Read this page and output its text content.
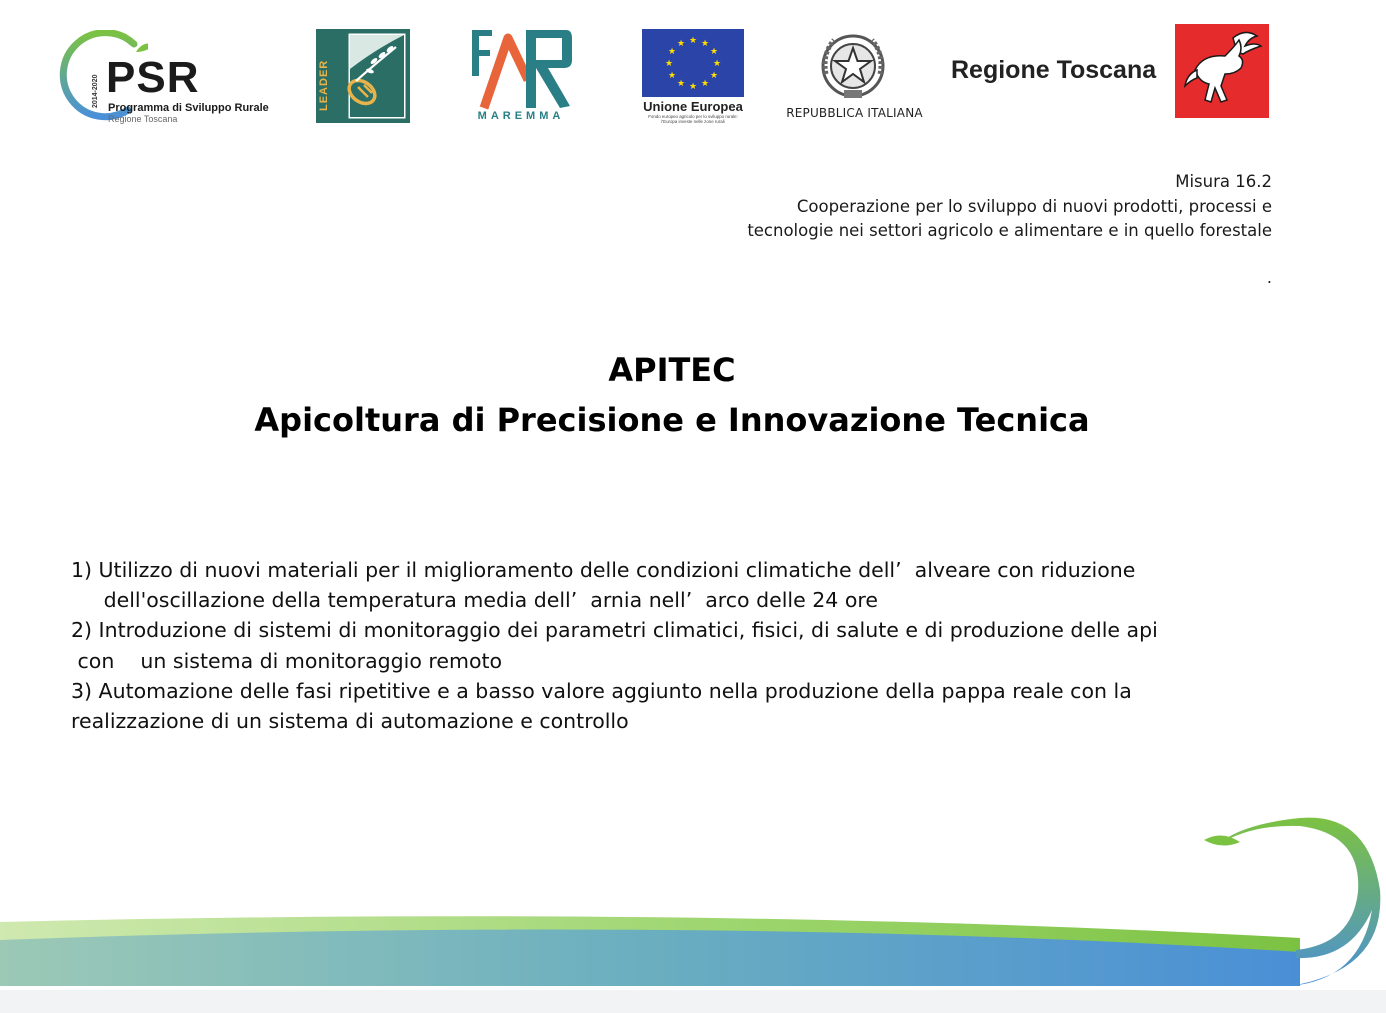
2014-2020 PSR
Programma di Sviluppo Rurale
Regione Toscana
LEADER
MAREMMA
★ ★
★
★
★
★
★
★
★
★
★
★
Unione Europea
Fondo europeo agricolo per lo sviluppo rurale: l'Europa investe nelle zone rurali
REPUBBLICA ITALIANA
Regione Toscana
Misura 16.2
Cooperazione per lo sviluppo di nuovi prodotti, processi e
tecnologie nei settori agricolo e alimentare e in quello forestale
.
APITEC
Apicoltura di Precisione e Innovazione Tecnica
1) Utilizzo di nuovi materiali per il miglioramento delle condizioni climatiche dell’  alveare con riduzione
dell'oscillazione della temperatura media dell’  arnia nell’  arco delle 24 ore
2) Introduzione di sistemi di monitoraggio dei parametri climatici, fisici, di salute e di produzione delle api
con    un sistema di monitoraggio remoto
3) Automazione delle fasi ripetitive e a basso valore aggiunto nella produzione della pappa reale con la
realizzazione di un sistema di automazione e controllo
